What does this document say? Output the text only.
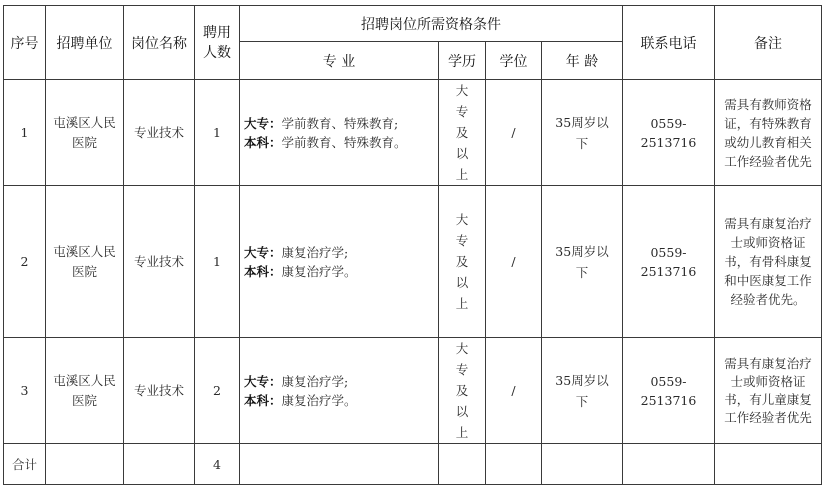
序号	招聘单位	岗位名称	聘用人数	招聘岗位所需资格条件				联系电话	备注
				专 业	学历	学位	年 龄		
1	屯溪区人民医院	专业技术	1	大专：学前教育、特殊教育;
本科：学前教育、特殊教育。	大专及以上	/	35周岁以下	0559-2513716	需具有教师资格证，有特殊教育或幼儿教育相关工作经验者优先
2	屯溪区人民医院	专业技术	1	大专：康复治疗学;
本科：康复治疗学。	大专及以上	/	35周岁以下	0559-2513716	需具有康复治疗士或师资格证书，有骨科康复和中医康复工作经验者优先。
3	屯溪区人民医院	专业技术	2	大专：康复治疗学;
本科：康复治疗学。	大专及以上	/	35周岁以下	0559-2513716	需具有康复治疗士或师资格证书，有儿童康复工作经验者优先
合计			4						
